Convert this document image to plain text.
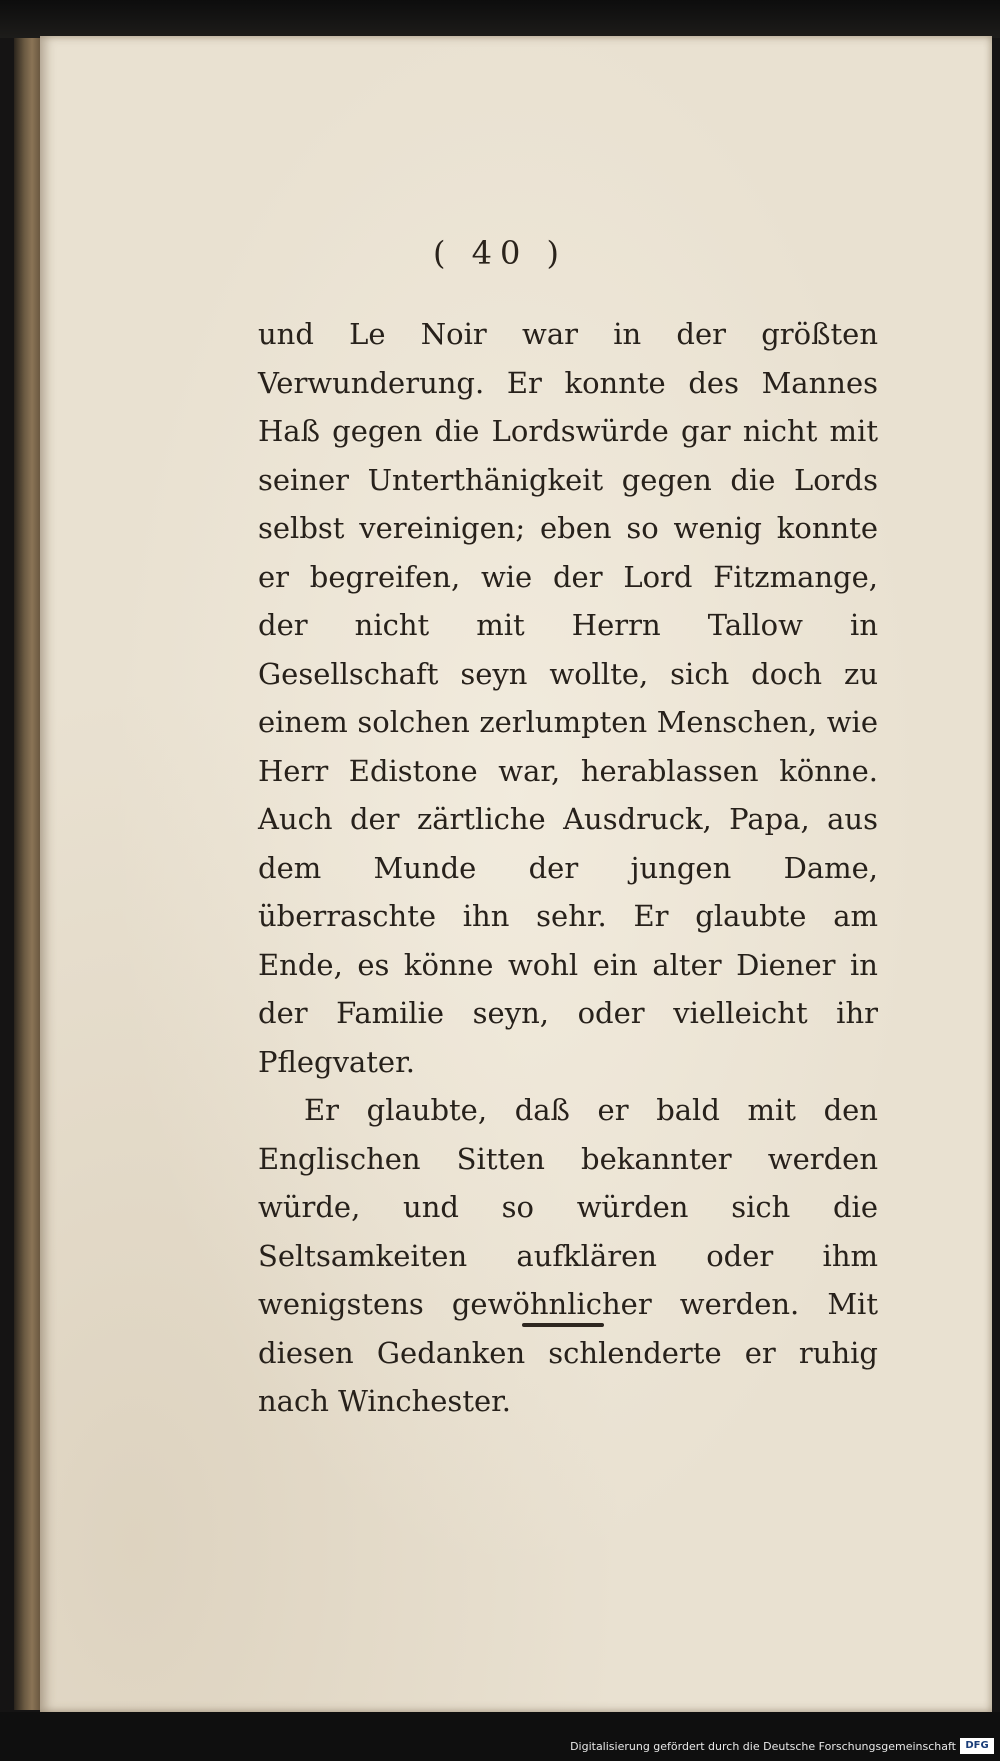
( 40 )

und Le Noir war in der größten Verwunderung. Er konnte des Mannes Haß gegen die Lordswürde gar nicht mit seiner Unterthänigkeit gegen die Lords selbst vereinigen; eben so wenig konnte er begreifen, wie der Lord Fitzmange, der nicht mit Herrn Tallow in Gesellschaft seyn wollte, sich doch zu einem solchen zerlumpten Menschen, wie Herr Edistone war, herablassen könne. Auch der zärtliche Ausdruck, Papa, aus dem Munde der jungen Dame, überraschte ihn sehr. Er glaubte am Ende, es könne wohl ein alter Diener in der Familie seyn, oder vielleicht ihr Pflegvater.

Er glaubte, daß er bald mit den Englischen Sitten bekannter werden würde, und so würden sich die Seltsamkeiten aufklären oder ihm wenigstens gewöhnlicher werden. Mit diesen Gedanken schlenderte er ruhig nach Winchester.

Digitalisierung gefördert durch die Deutsche Forschungsgemeinschaft DFG
